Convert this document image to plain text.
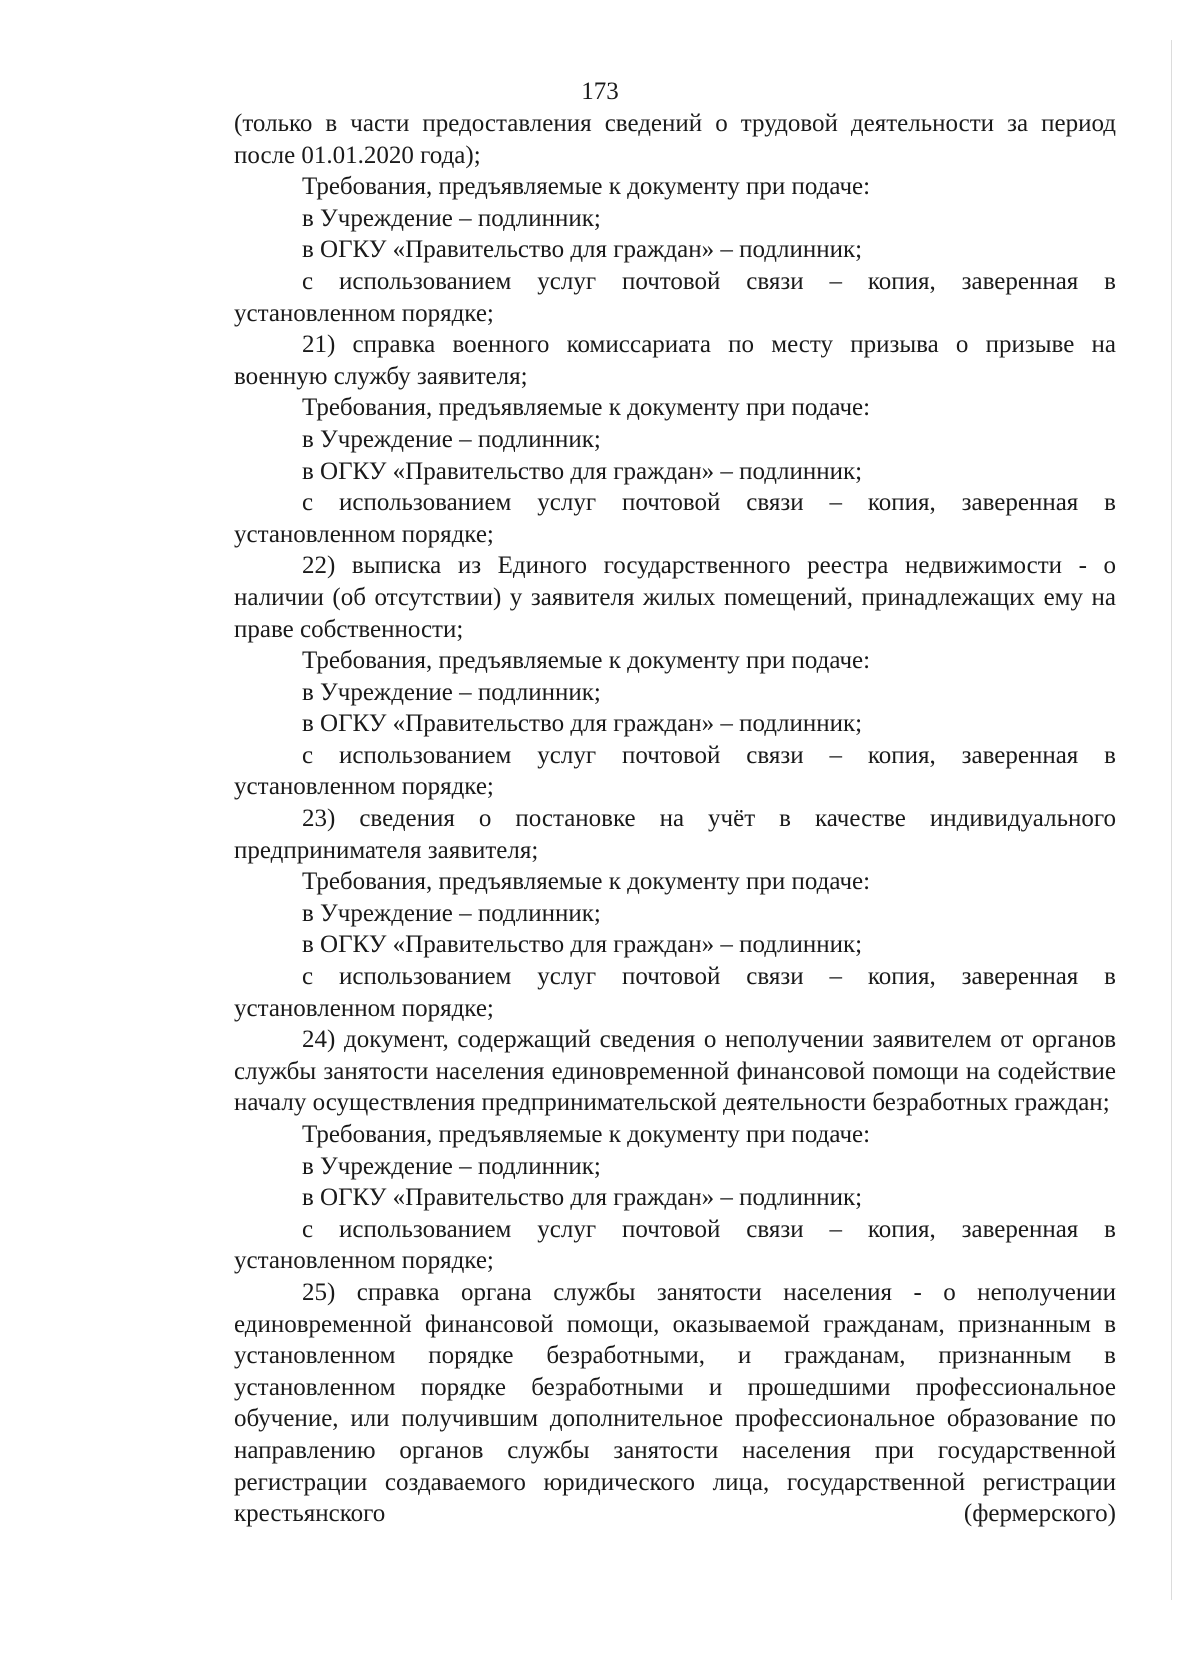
173

(только в части предоставления сведений о трудовой деятельности за период после 01.01.2020 года);

Требования, предъявляемые к документу при подаче:

в Учреждение – подлинник;

в ОГКУ «Правительство для граждан» – подлинник;

с использованием услуг почтовой связи – копия, заверенная в установленном порядке;

21) справка военного комиссариата по месту призыва о призыве на военную службу заявителя;

Требования, предъявляемые к документу при подаче:

в Учреждение – подлинник;

в ОГКУ «Правительство для граждан» – подлинник;

с использованием услуг почтовой связи – копия, заверенная в установленном порядке;

22) выписка из Единого государственного реестра недвижимости - о наличии (об отсутствии) у заявителя жилых помещений, принадлежащих ему на праве собственности;

Требования, предъявляемые к документу при подаче:

в Учреждение – подлинник;

в ОГКУ «Правительство для граждан» – подлинник;

с использованием услуг почтовой связи – копия, заверенная в установленном порядке;

23) сведения о постановке на учёт в качестве индивидуального предпринимателя заявителя;

Требования, предъявляемые к документу при подаче:

в Учреждение – подлинник;

в ОГКУ «Правительство для граждан» – подлинник;

с использованием услуг почтовой связи – копия, заверенная в установленном порядке;

24) документ, содержащий сведения о неполучении заявителем от органов службы занятости населения единовременной финансовой помощи на содействие началу осуществления предпринимательской деятельности безработных граждан;

Требования, предъявляемые к документу при подаче:

в Учреждение – подлинник;

в ОГКУ «Правительство для граждан» – подлинник;

с использованием услуг почтовой связи – копия, заверенная в установленном порядке;

25) справка органа службы занятости населения - о неполучении единовременной финансовой помощи, оказываемой гражданам, признанным в установленном порядке безработными, и гражданам, признанным в установленном порядке безработными и прошедшими профессиональное обучение, или получившим дополнительное профессиональное образование по направлению органов службы занятости населения при государственной регистрации создаваемого юридического лица, государственной регистрации крестьянского (фермерского)
